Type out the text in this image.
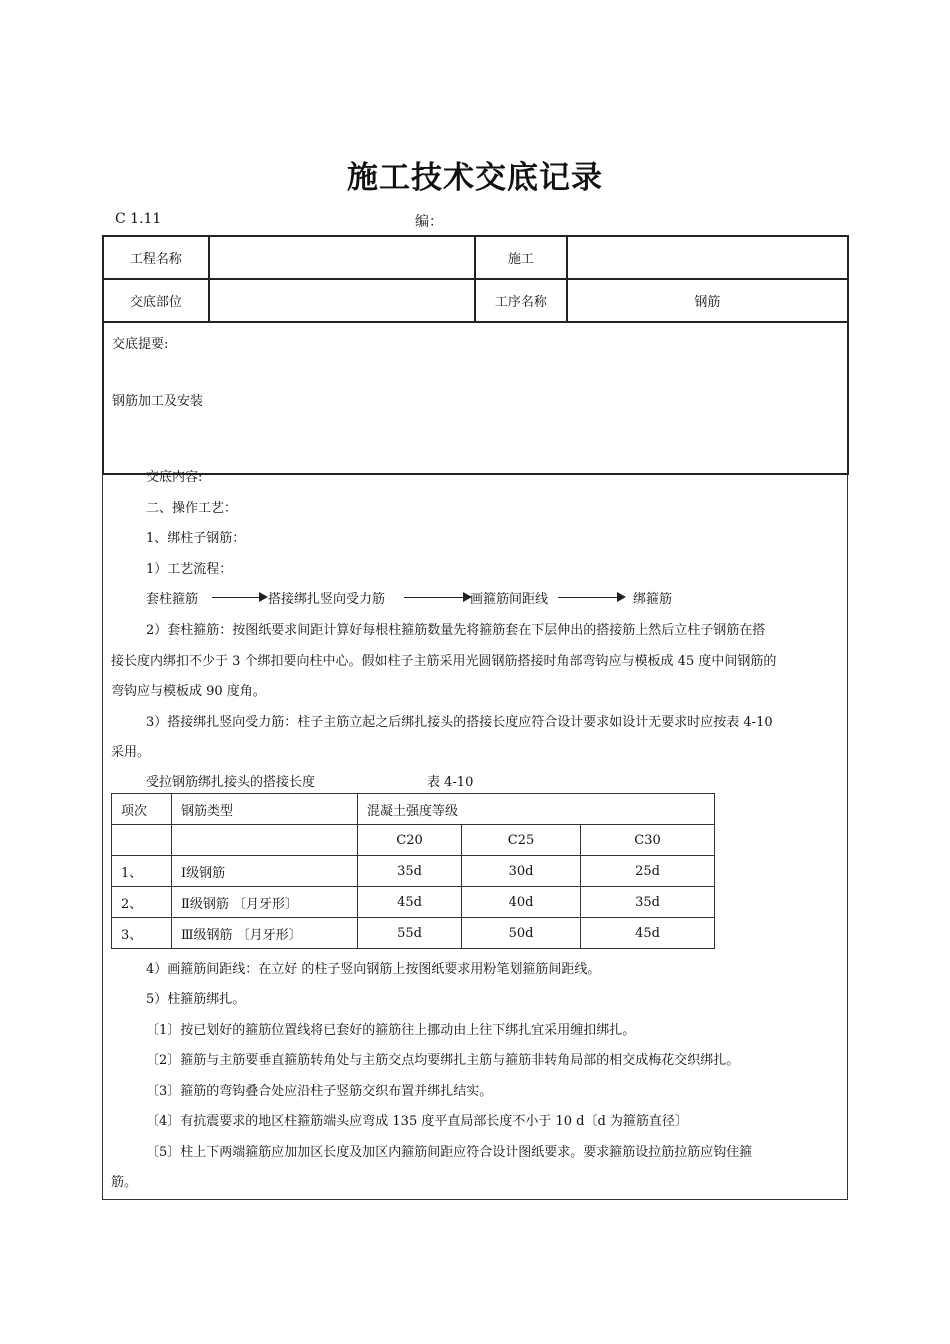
施工技术交底记录
C 1.11	编：
工程名称		施工	
交底部位		工序名称	钢筋

交底提要:
钢筋加工及安装			
交底内容:
二、操作工艺：
1、绑柱子钢筋：
1）工艺流程：
套柱箍筋	搭接绑扎竖向受力筋	画箍筋间距线	绑箍筋
2）套柱箍筋：按图纸要求间距计算好每根柱箍筋数量先将箍筋套在下层伸出的搭接筋上然后立柱子钢筋在搭
接长度内绑扣不少于 3 个绑扣要向柱中心。假如柱子主筋采用光圆钢筋搭接时角部弯钩应与模板成 45 度中间钢筋的
弯钩应与模板成 90 度角。
3）搭接绑扎竖向受力筋：柱子主筋立起之后绑扎接头的搭接长度应符合设计要求如设计无要求时应按表 4-10
采用。
受拉钢筋绑扎接头的搭接长度	表 4-10
4）画箍筋间距线：在立好 的柱子竖向钢筋上按图纸要求用粉笔划箍筋间距线。
5）柱箍筋绑扎。
〔1〕按已划好的箍筋位置线将已套好的箍筋往上挪动由上往下绑扎宜采用缠扣绑扎。
〔2〕箍筋与主筋要垂直箍筋转角处与主筋交点均要绑扎主筋与箍筋非转角局部的相交成梅花交织绑扎。
〔3〕箍筋的弯钩叠合处应沿柱子竖筋交织布置并绑扎结实。
〔4〕有抗震要求的地区柱箍筋端头应弯成 135 度平直局部长度不小于 10 d〔d 为箍筋直径〕
〔5〕柱上下两端箍筋应加加区长度及加区内箍筋间距应符合设计图纸要求。要求箍筋设拉筋拉筋应钩住箍
筋。
项次	钢筋类型	混凝土强度等级		
		C20	C25	C30
1、	Ⅰ级钢筋	35d	30d	25d
2、	Ⅱ级钢筋 〔月牙形〕	45d	40d	35d
3、	Ⅲ级钢筋 〔月牙形〕	55d	50d	45d
